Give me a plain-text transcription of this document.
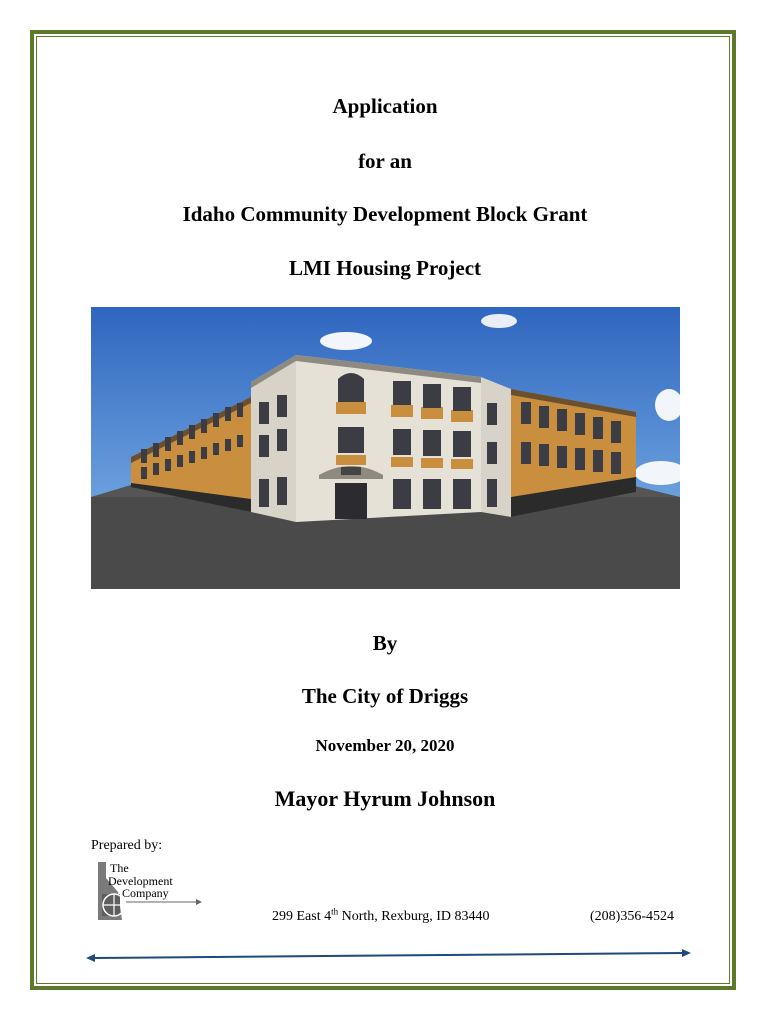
Application
for an
Idaho Community Development Block Grant
LMI Housing Project
By
The City of Driggs
November 20, 2020
Mayor Hyrum Johnson
Prepared by:
The
Development
Company
299 East 4th North, Rexburg, ID 83440	(208)356-4524
